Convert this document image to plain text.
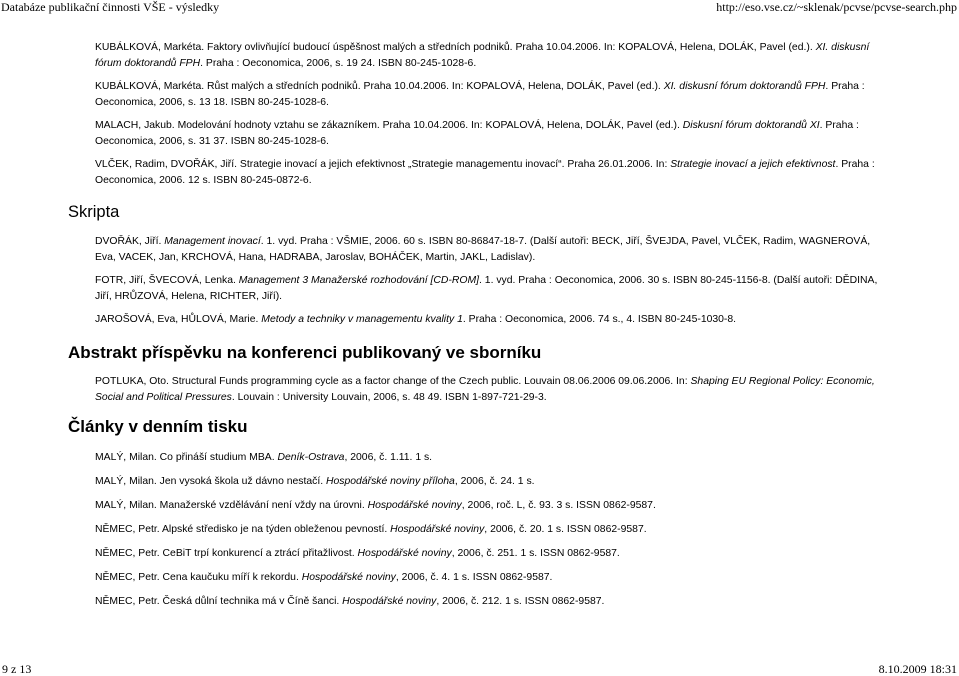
Databáze publikační činnosti VŠE - výsledky	http://eso.vse.cz/~sklenak/pcvse/pcvse-search.php

KUBÁLKOVÁ, Markéta. Faktory ovlivňující budoucí úspěšnost malých a středních podniků. Praha 10.04.2006. In: KOPALOVÁ, Helena, DOLÁK, Pavel (ed.). XI. diskusní fórum doktorandů FPH. Praha : Oeconomica, 2006, s. 19 24. ISBN 80-245-1028-6.

KUBÁLKOVÁ, Markéta. Růst malých a středních podniků. Praha 10.04.2006. In: KOPALOVÁ, Helena, DOLÁK, Pavel (ed.). XI. diskusní fórum doktorandů FPH. Praha : Oeconomica, 2006, s. 13 18. ISBN 80-245-1028-6.

MALACH, Jakub. Modelování hodnoty vztahu se zákazníkem. Praha 10.04.2006. In: KOPALOVÁ, Helena, DOLÁK, Pavel (ed.). Diskusní fórum doktorandů XI. Praha : Oeconomica, 2006, s. 31 37. ISBN 80-245-1028-6.

VLČEK, Radim, DVOŘÁK, Jiří. Strategie inovací a jejich efektivnost „Strategie managementu inovací“. Praha 26.01.2006. In: Strategie inovací a jejich efektivnost. Praha : Oeconomica, 2006. 12 s. ISBN 80-245-0872-6.

Skripta

DVOŘÁK, Jiří. Management inovací. 1. vyd. Praha : VŠMIE, 2006. 60 s. ISBN 80-86847-18-7. (Další autoři: BECK, Jiří, ŠVEJDA, Pavel, VLČEK, Radim, WAGNEROVÁ, Eva, VACEK, Jan, KRCHOVÁ, Hana, HADRABA, Jaroslav, BOHÁČEK, Martin, JAKL, Ladislav).

FOTR, Jiří, ŠVECOVÁ, Lenka. Management 3 Manažerské rozhodování [CD-ROM]. 1. vyd. Praha : Oeconomica, 2006. 30 s. ISBN 80-245-1156-8. (Další autoři: DĚDINA, Jiří, HRŮZOVÁ, Helena, RICHTER, Jiří).

JAROŠOVÁ, Eva, HŮLOVÁ, Marie. Metody a techniky v managementu kvality 1. Praha : Oeconomica, 2006. 74 s., 4. ISBN 80-245-1030-8.

Abstrakt příspěvku na konferenci publikovaný ve sborníku

POTLUKA, Oto. Structural Funds programming cycle as a factor change of the Czech public. Louvain 08.06.2006 09.06.2006. In: Shaping EU Regional Policy: Economic, Social and Political Pressures. Louvain : University Louvain, 2006, s. 48 49. ISBN 1-897-721-29-3.

Články v denním tisku

MALÝ, Milan. Co přináší studium MBA. Deník-Ostrava, 2006, č. 1.11. 1 s.

MALÝ, Milan. Jen vysoká škola už dávno nestačí. Hospodářské noviny příloha, 2006, č. 24. 1 s.

MALÝ, Milan. Manažerské vzdělávání není vždy na úrovni. Hospodářské noviny, 2006, roč. L, č. 93. 3 s. ISSN 0862-9587.

NĚMEC, Petr. Alpské středisko je na týden obleženou pevností. Hospodářské noviny, 2006, č. 20. 1 s. ISSN 0862-9587.

NĚMEC, Petr. CeBiT trpí konkurencí a ztrácí přitažlivost. Hospodářské noviny, 2006, č. 251. 1 s. ISSN 0862-9587.

NĚMEC, Petr. Cena kaučuku míří k rekordu. Hospodářské noviny, 2006, č. 4. 1 s. ISSN 0862-9587.

NĚMEC, Petr. Česká důlní technika má v Číně šanci. Hospodářské noviny, 2006, č. 212. 1 s. ISSN 0862-9587.

9 z 13	8.10.2009 18:31
